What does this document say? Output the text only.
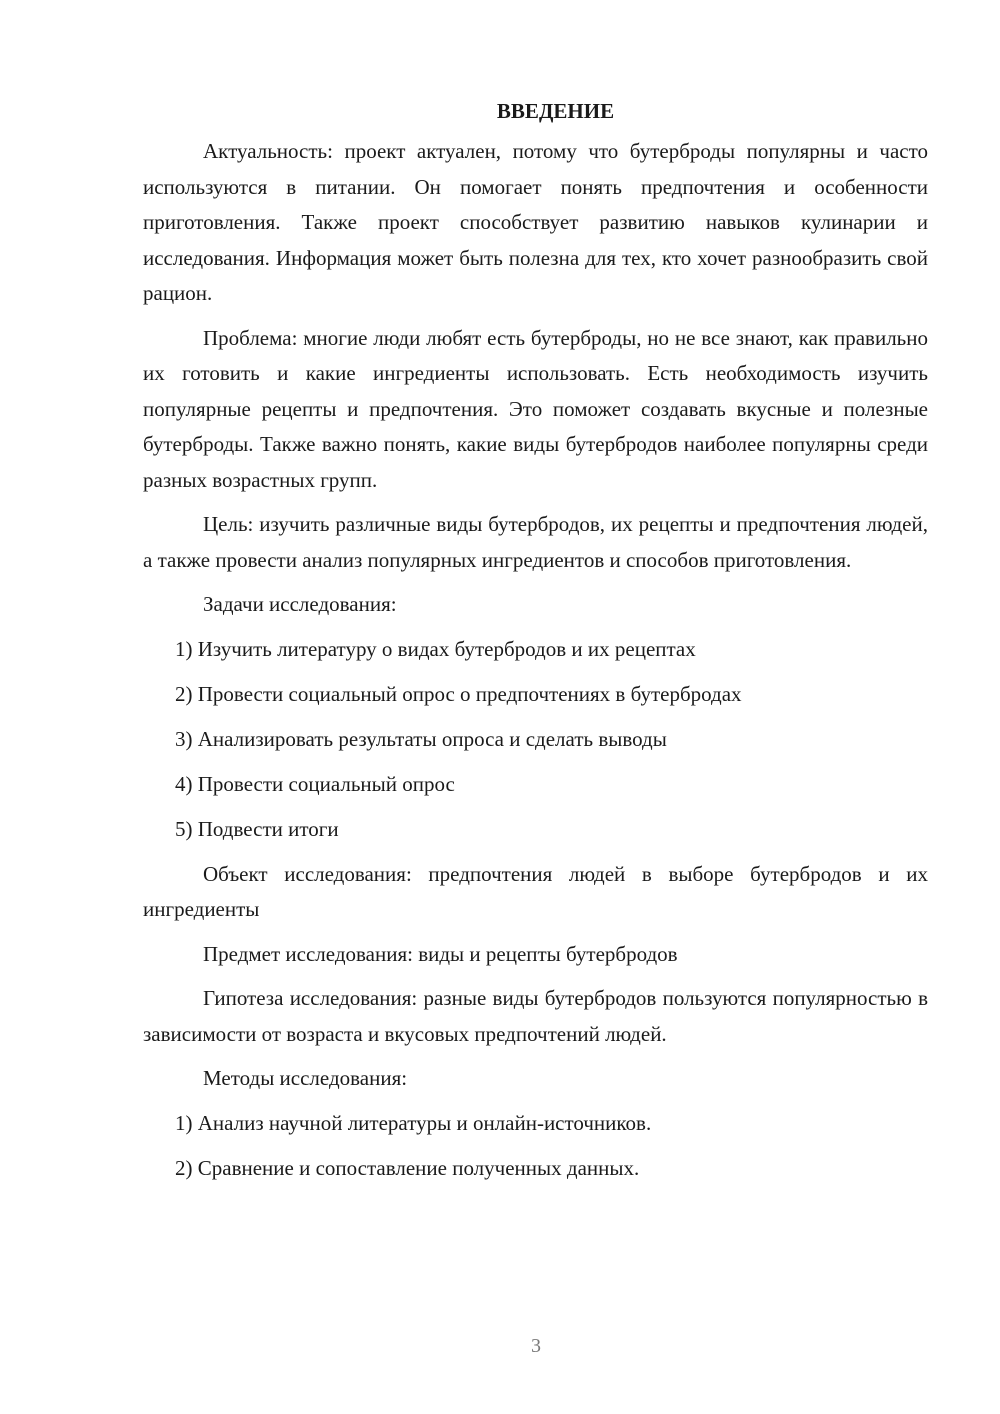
ВВЕДЕНИЕ

Актуальность: проект актуален, потому что бутерброды популярны и часто используются в питании. Он помогает понять предпочтения и особенности приготовления. Также проект способствует развитию навыков кулинарии и исследования. Информация может быть полезна для тех, кто хочет разнообразить свой рацион.

Проблема: многие люди любят есть бутерброды, но не все знают, как правильно их готовить и какие ингредиенты использовать. Есть необходимость изучить популярные рецепты и предпочтения. Это поможет создавать вкусные и полезные бутерброды. Также важно понять, какие виды бутербродов наиболее популярны среди разных возрастных групп.

Цель: изучить различные виды бутербродов, их рецепты и предпочтения людей, а также провести анализ популярных ингредиентов и способов приготовления.

Задачи исследования:
1) Изучить литературу о видах бутербродов и их рецептах
2) Провести социальный опрос о предпочтениях в бутербродах
3) Анализировать результаты опроса и сделать выводы
4) Провести социальный опрос
5) Подвести итоги

Объект исследования: предпочтения людей в выборе бутербродов и их ингредиенты

Предмет исследования: виды и рецепты бутербродов

Гипотеза исследования: разные виды бутербродов пользуются популярностью в зависимости от возраста и вкусовых предпочтений людей.

Методы исследования:
1) Анализ научной литературы и онлайн-источников.
2) Сравнение и сопоставление полученных данных.
3
